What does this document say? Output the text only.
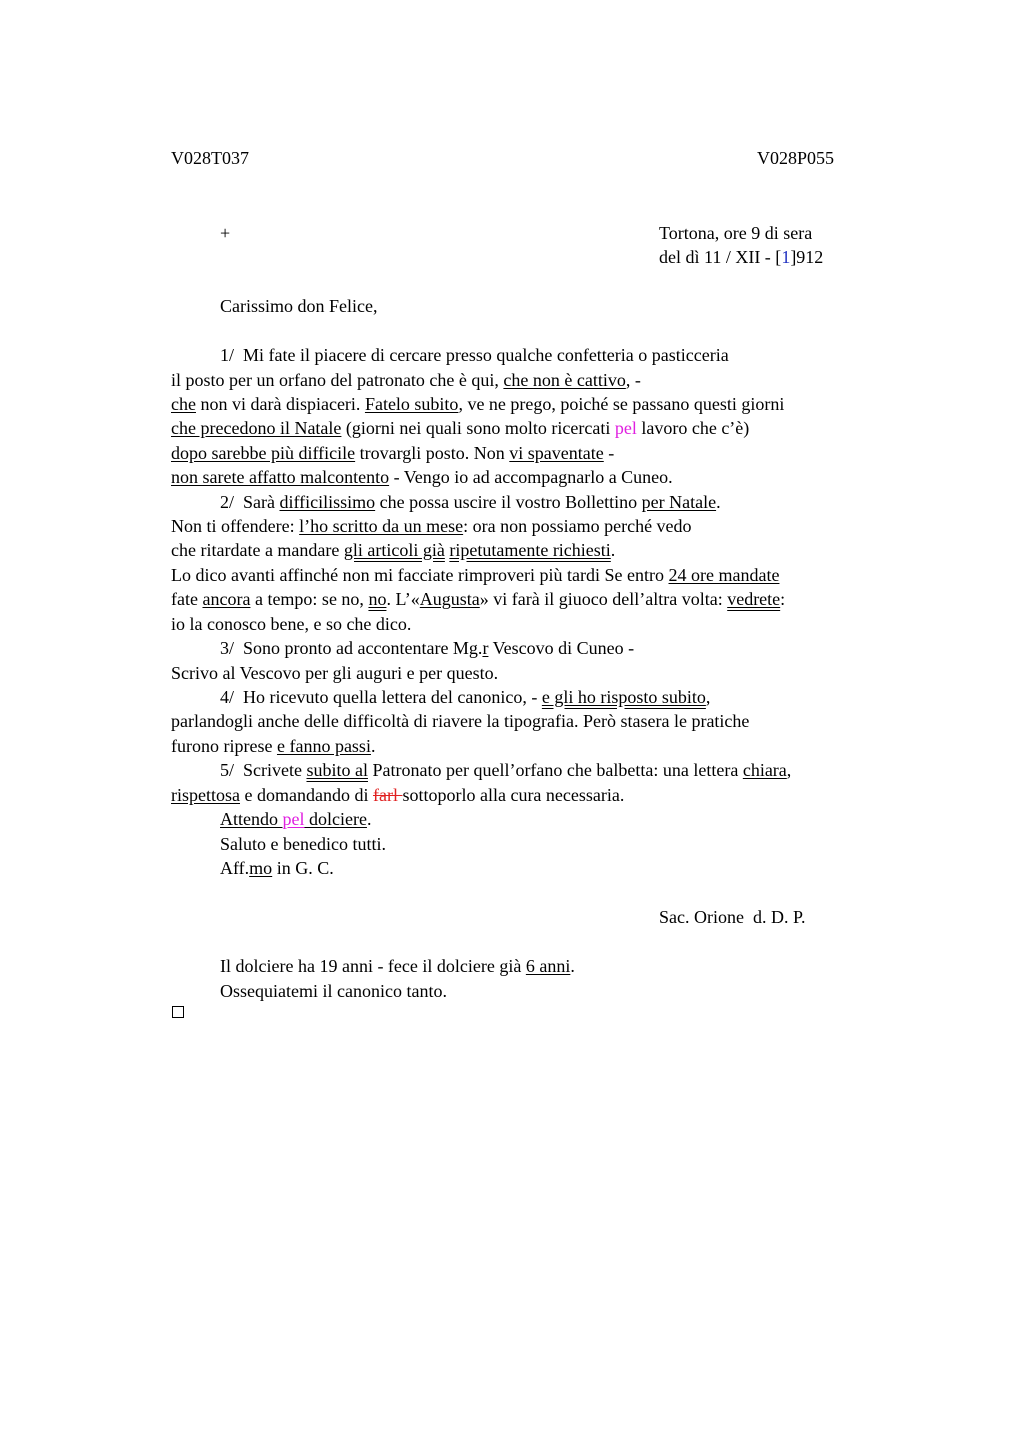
V028T037	V028P055
+	Tortona, ore 9 di sera
del dì 11 / XII - [1]912
Carissimo don Felice,
1/  Mi fate il piacere di cercare presso qualche confetteria o pasticceria
il posto per un orfano del patronato che è qui, che non è cattivo, -
che non vi darà dispiaceri. Fatelo subito, ve ne prego, poiché se passano questi giorni
che precedono il Natale (giorni nei quali sono molto ricercati pel lavoro che c’è)
dopo sarebbe più difficile trovargli posto. Non vi spaventate -
non sarete affatto malcontento - Vengo io ad accompagnarlo a Cuneo.
2/  Sarà difficilissimo che possa uscire il vostro Bollettino per Natale.
Non ti offendere: l’ho scritto da un mese: ora non possiamo perché vedo
che ritardate a mandare gli articoli già ripetutamente richiesti.
Lo dico avanti affinché non mi facciate rimproveri più tardi Se entro 24 ore mandate
fate ancora a tempo: se no, no. L’«Augusta» vi farà il giuoco dell’altra volta: vedrete:
io la conosco bene, e so che dico.
3/  Sono pronto ad accontentare Mg.r Vescovo di Cuneo -
Scrivo al Vescovo per gli auguri e per questo.
4/  Ho ricevuto quella lettera del canonico, - e gli ho risposto subito,
parlandogli anche delle difficoltà di riavere la tipografia. Però stasera le pratiche
furono riprese e fanno passi.
5/  Scrivete subito al Patronato per quell’orfano che balbetta: una lettera chiara,
rispettosa e domandando di farl sottoporlo alla cura necessaria.
Attendo pel dolciere.
Saluto e benedico tutti.
Aff.mo in G. C.
Sac. Orione  d. D. P.
Il dolciere ha 19 anni - fece il dolciere già 6 anni.
Ossequiatemi il canonico tanto.
